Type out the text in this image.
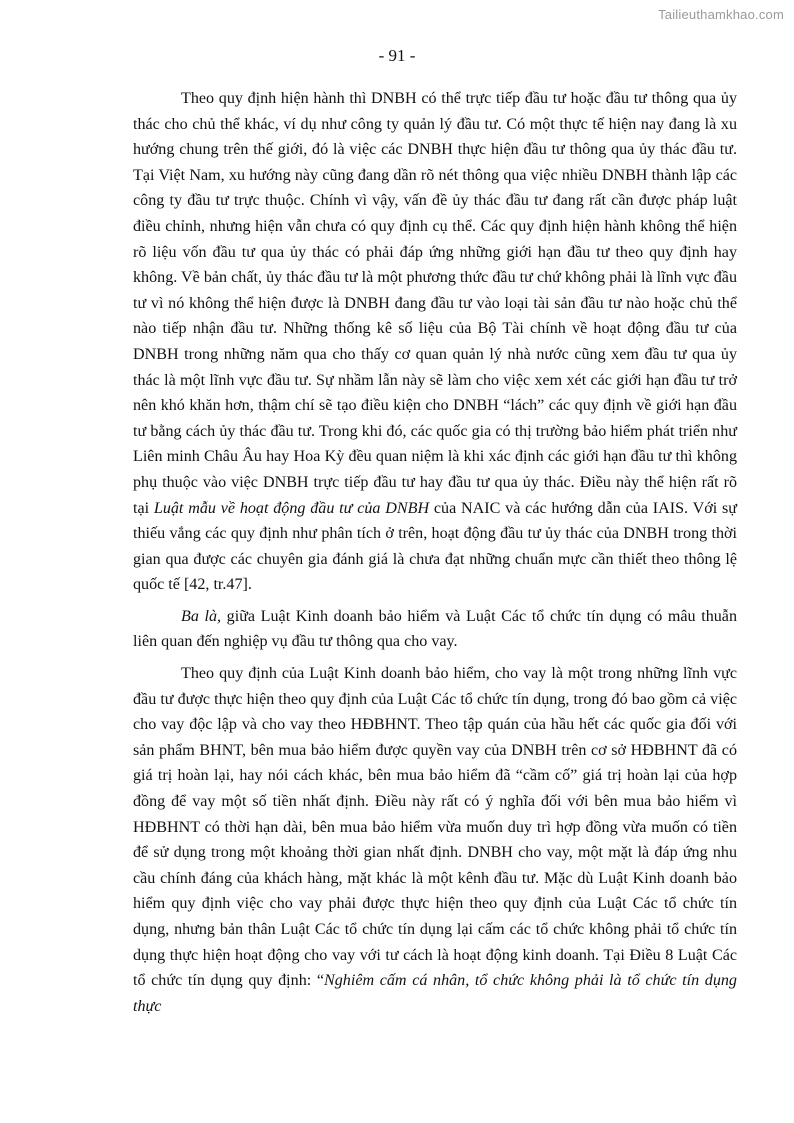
Tailieuthamkhao.com
- 91 -

Theo quy định hiện hành thì DNBH có thể trực tiếp đầu tư hoặc đầu tư thông qua ủy thác cho chủ thể khác, ví dụ như công ty quản lý đầu tư. Có một thực tế hiện nay đang là xu hướng chung trên thế giới, đó là việc các DNBH thực hiện đầu tư thông qua ủy thác đầu tư. Tại Việt Nam, xu hướng này cũng đang dần rõ nét thông qua việc nhiều DNBH thành lập các công ty đầu tư trực thuộc. Chính vì vậy, vấn đề ủy thác đầu tư đang rất cần được pháp luật điều chỉnh, nhưng hiện vẫn chưa có quy định cụ thể. Các quy định hiện hành không thể hiện rõ liệu vốn đầu tư qua ủy thác có phải đáp ứng những giới hạn đầu tư theo quy định hay không. Về bản chất, ủy thác đầu tư là một phương thức đầu tư chứ không phải là lĩnh vực đầu tư vì nó không thể hiện được là DNBH đang đầu tư vào loại tài sản đầu tư nào hoặc chủ thể nào tiếp nhận đầu tư. Những thống kê số liệu của Bộ Tài chính về hoạt động đầu tư của DNBH trong những năm qua cho thấy cơ quan quản lý nhà nước cũng xem đầu tư qua ủy thác là một lĩnh vực đầu tư. Sự nhầm lẫn này sẽ làm cho việc xem xét các giới hạn đầu tư trở nên khó khăn hơn, thậm chí sẽ tạo điều kiện cho DNBH “lách” các quy định về giới hạn đầu tư bằng cách ủy thác đầu tư. Trong khi đó, các quốc gia có thị trường bảo hiểm phát triển như Liên minh Châu Âu hay Hoa Kỳ đều quan niệm là khi xác định các giới hạn đầu tư thì không phụ thuộc vào việc DNBH trực tiếp đầu tư hay đầu tư qua ủy thác. Điều này thể hiện rất rõ tại Luật mẫu về hoạt động đầu tư của DNBH của NAIC và các hướng dẫn của IAIS. Với sự thiếu vắng các quy định như phân tích ở trên, hoạt động đầu tư ủy thác của DNBH trong thời gian qua được các chuyên gia đánh giá là chưa đạt những chuẩn mực cần thiết theo thông lệ quốc tế [42, tr.47].

Ba là, giữa Luật Kinh doanh bảo hiểm và Luật Các tổ chức tín dụng có mâu thuẫn liên quan đến nghiệp vụ đầu tư thông qua cho vay.

Theo quy định của Luật Kinh doanh bảo hiểm, cho vay là một trong những lĩnh vực đầu tư được thực hiện theo quy định của Luật Các tổ chức tín dụng, trong đó bao gồm cả việc cho vay độc lập và cho vay theo HĐBHNT. Theo tập quán của hầu hết các quốc gia đối với sản phẩm BHNT, bên mua bảo hiểm được quyền vay của DNBH trên cơ sở HĐBHNT đã có giá trị hoàn lại, hay nói cách khác, bên mua bảo hiểm đã “cầm cố” giá trị hoàn lại của hợp đồng để vay một số tiền nhất định. Điều này rất có ý nghĩa đối với bên mua bảo hiểm vì HĐBHNT có thời hạn dài, bên mua bảo hiểm vừa muốn duy trì hợp đồng vừa muốn có tiền để sử dụng trong một khoảng thời gian nhất định. DNBH cho vay, một mặt là đáp ứng nhu cầu chính đáng của khách hàng, mặt khác là một kênh đầu tư. Mặc dù Luật Kinh doanh bảo hiểm quy định việc cho vay phải được thực hiện theo quy định của Luật Các tổ chức tín dụng, nhưng bản thân Luật Các tổ chức tín dụng lại cấm các tổ chức không phải tổ chức tín dụng thực hiện hoạt động cho vay với tư cách là hoạt động kinh doanh. Tại Điều 8 Luật Các tổ chức tín dụng quy định: “Nghiêm cấm cá nhân, tổ chức không phải là tổ chức tín dụng thực
